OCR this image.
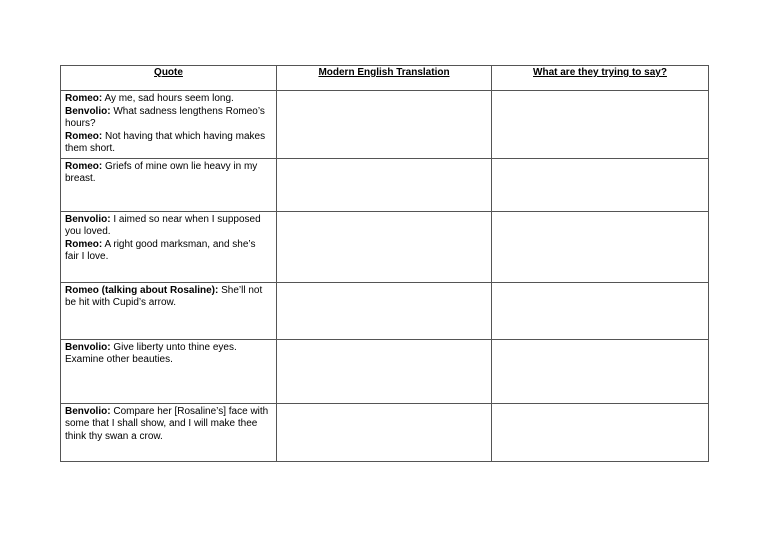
Quote	Modern English Translation	What are they trying to say?

Romeo: Ay me, sad hours seem long.
Benvolio: What sadness lengthens Romeo’s hours?
Romeo: Not having that which having makes them short.		

Romeo: Griefs of mine own lie heavy in my breast.		

Benvolio: I aimed so near when I supposed you loved.
Romeo: A right good marksman, and she’s fair I love.		

Romeo (talking about Rosaline): She’ll not be hit with Cupid’s arrow.		

Benvolio: Give liberty unto thine eyes. Examine other beauties.		

Benvolio: Compare her [Rosaline’s] face with some that I shall show, and I will make thee think thy swan a crow.		
